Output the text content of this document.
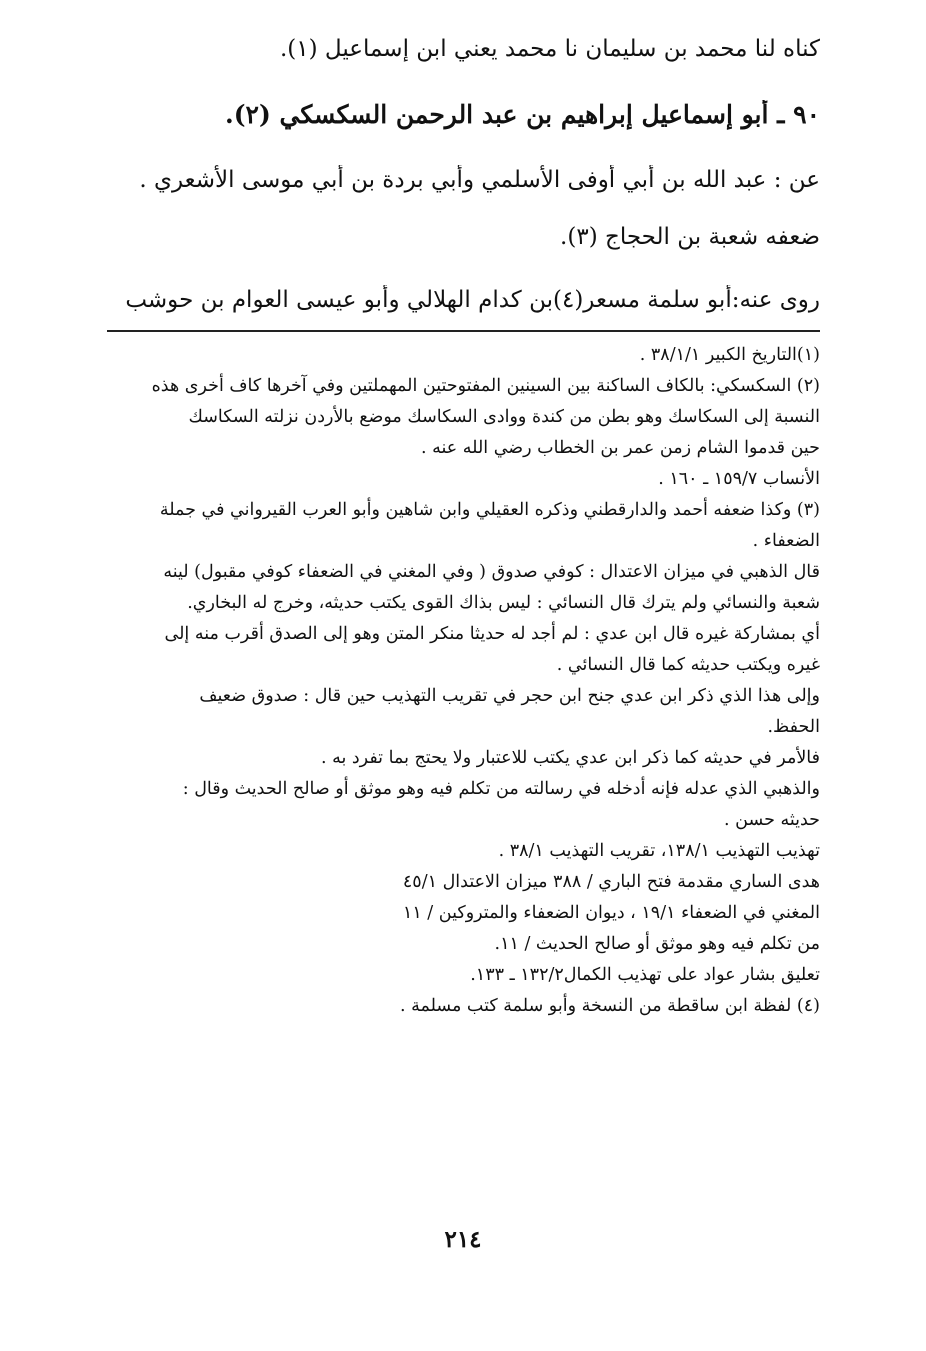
كناه لنا محمد بن سليمان نا محمد يعني ابن إسماعيل (١).
٩٠ ـ أبو إسماعيل إبراهيم بن عبد الرحمن السكسكي (٢).
عن : عبد الله بن أبي أوفى الأسلمي وأبي بردة بن أبي موسى الأشعري .
ضعفه شعبة بن الحجاج (٣).
روى عنه:أبو سلمة مسعر(٤)بن كدام الهلالي وأبو عيسى العوام بن حوشب

(١)التاريخ الكبير ٣٨/١/١ .

(٢) السكسكي: بالكاف الساكنة بين السينين المفتوحتين المهملتين وفي آخرها كاف أخرى هذه

النسبة إلى السكاسك وهو بطن من كندة ووادى السكاسك موضع بالأردن نزلته السكاسك

حين قدموا الشام زمن عمر بن الخطاب رضي الله عنه .

الأنساب ١٥٩/٧ ـ ١٦٠ .

(٣) وكذا ضعفه أحمد والدارقطني وذكره العقيلي وابن شاهين وأبو العرب القيرواني في جملة

الضعفاء .

قال الذهبي في ميزان الاعتدال : كوفي صدوق ( وفي المغني في الضعفاء كوفي مقبول) لينه

شعبة والنسائي ولم يترك قال النسائي : ليس بذاك القوى يكتب حديثه، وخرج له البخاري.

أي بمشاركة غيره قال ابن عدي : لم أجد له حديثا منكر المتن وهو إلى الصدق أقرب منه إلى

غيره ويكتب حديثه كما قال النسائي .

وإلى هذا الذي ذكر ابن عدي جنح ابن حجر في تقريب التهذيب حين قال : صدوق ضعيف

الحفظ.

فالأمر في حديثه كما ذكر ابن عدي يكتب للاعتبار ولا يحتج بما تفرد به .

والذهبي الذي عدله فإنه أدخله في رسالته من تكلم فيه وهو موثق أو صالح الحديث وقال :

حديثه حسن .

تهذيب التهذيب ١٣٨/١، تقريب التهذيب ٣٨/١ .

هدى الساري مقدمة فتح الباري / ٣٨٨ ميزان الاعتدال ٤٥/١

المغني في الضعفاء ١٩/١ ، ديوان الضعفاء والمتروكين / ١١

من تكلم فيه وهو موثق أو صالح الحديث / ١١.

تعليق بشار عواد على تهذيب الكمال١٣٢/٢ ـ ١٣٣.

(٤) لفظة ابن ساقطة من النسخة وأبو سلمة كتب مسلمة .

٢١٤
